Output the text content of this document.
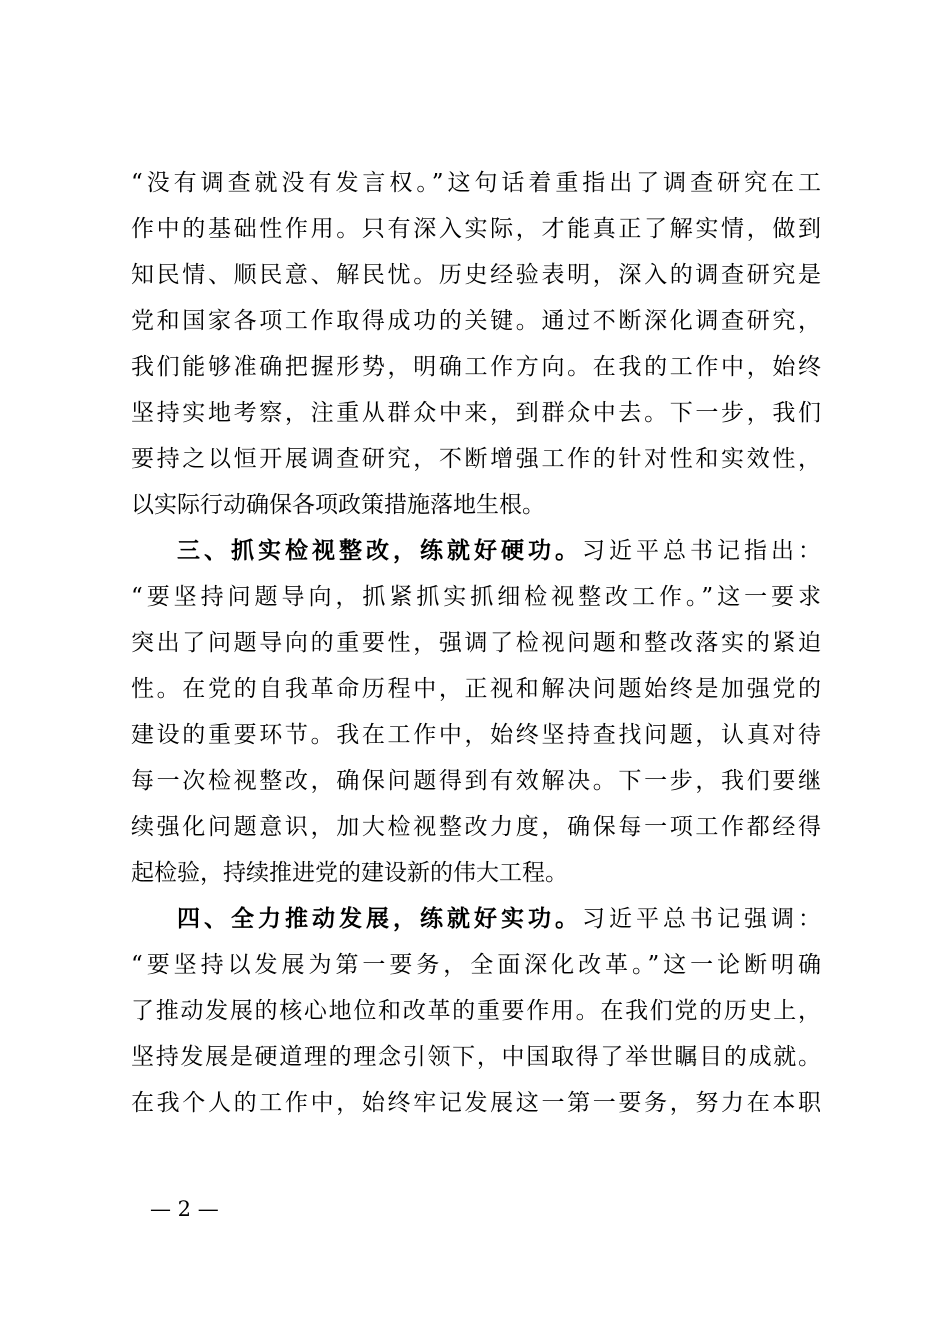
“没有调查就没有发言权。”这句话着重指出了调查研究在工
作中的基础性作用。只有深入实际，才能真正了解实情，做到
知民情、顺民意、解民忧。历史经验表明，深入的调查研究是
党和国家各项工作取得成功的关键。通过不断深化调查研究，
我们能够准确把握形势，明确工作方向。在我的工作中，始终
坚持实地考察，注重从群众中来，到群众中去。下一步，我们
要持之以恒开展调查研究，不断增强工作的针对性和实效性，
以实际行动确保各项政策措施落地生根。
三、抓实检视整改，练就好硬功。习近平总书记指出：
“要坚持问题导向，抓紧抓实抓细检视整改工作。”这一要求
突出了问题导向的重要性，强调了检视问题和整改落实的紧迫
性。在党的自我革命历程中，正视和解决问题始终是加强党的
建设的重要环节。我在工作中，始终坚持查找问题，认真对待
每一次检视整改，确保问题得到有效解决。下一步，我们要继
续强化问题意识，加大检视整改力度，确保每一项工作都经得
起检验，持续推进党的建设新的伟大工程。
四、全力推动发展，练就好实功。习近平总书记强调：
“要坚持以发展为第一要务，全面深化改革。”这一论断明确
了推动发展的核心地位和改革的重要作用。在我们党的历史上，
坚持发展是硬道理的理念引领下，中国取得了举世瞩目的成就。
在我个人的工作中，始终牢记发展这一第一要务，努力在本职
— 2 —
